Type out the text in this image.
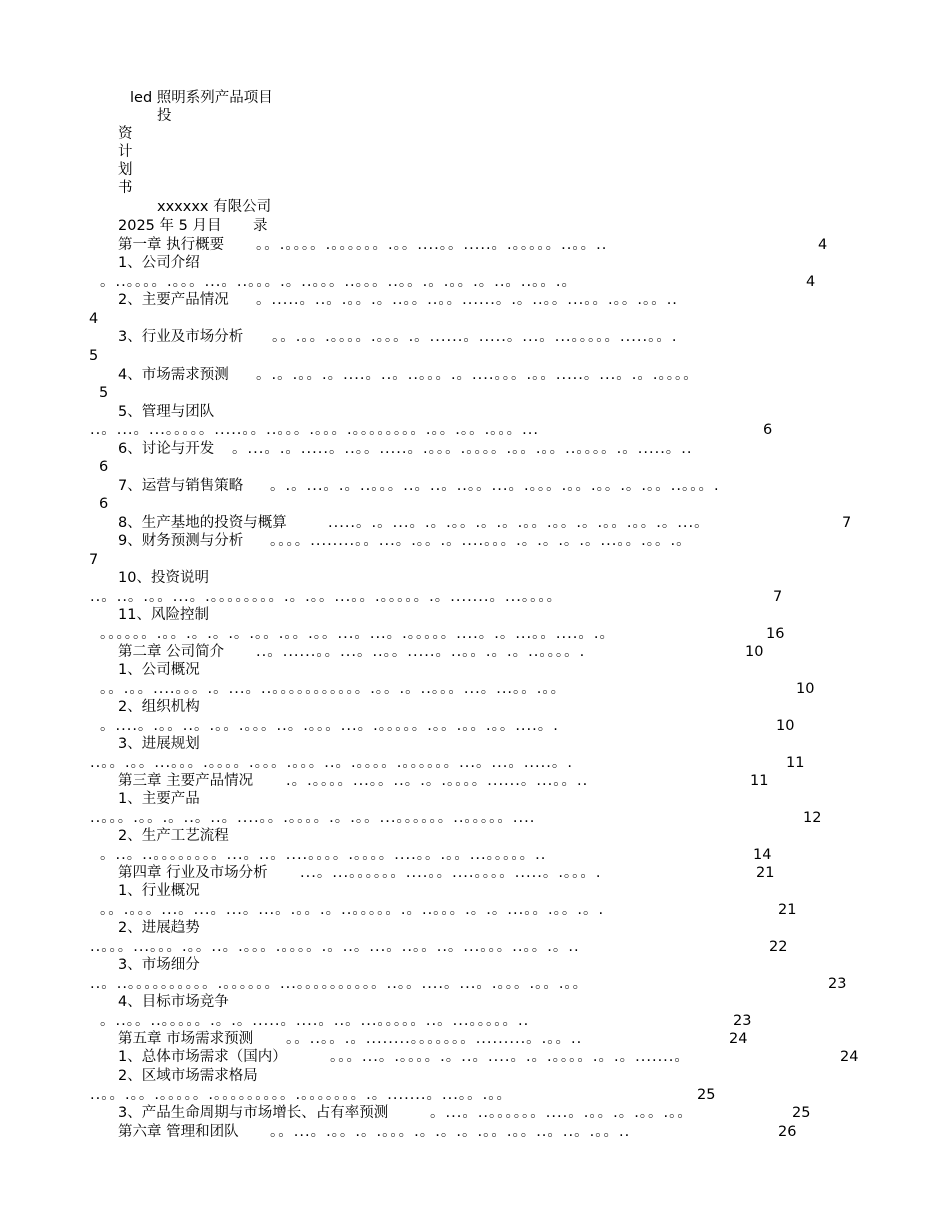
led 照明系列产品项目
投
资
计
划
书
xxxxxx 有限公司
2025 年 5 月目 录
第一章 执行概要 。。.。。。。.。。。。。。.。。....。。.....。.。。。。。..。。..	4
1、公司介绍
。..。。。。.。。。...。..。。。.。..。。。..。。。..。。.。.。。.。..。..。。.。	4
2、主要产品情况 。.....。..。.。。.。..。。..。。......。.。..。。...。。.。。.。。..
4
3、行业及市场分析 。。.。。.。。。。.。。。.。......。.....。...。...。。。。。.....。。.
5
4、市场需求预测 。.。.。。.。....。..。..。。。.。....。。。.。。.....。...。.。.。。。。
5
5、管理与团队
..。...。...。。。。。.....。。..。。。.。。。.。。。。。。。。.。。.。。.。。。...	6
6、讨论与开发 。...。.。.....。..。。.....。.。。。.。。。。.。。.。。..。。。。.。.....。..
6
7、运营与销售策略 。.。...。.。..。。。..。..。..。。...。.。。。.。。.。。.。.。。..。。。.
6
8、生产基地的投资与概算	.....。.。...。.。.。。.。.。.。。.。。.。.。。.。。.。...。	7
9、财务预测与分析 。。。。........。。...。.。。.。....。。。.。.。.。.。...。。.。。.。
7
10、投资说明
..。..。.。。...。.。。。。。。。。.。.。。...。。.。。。。。.。.......。...。。。。	7
11、风险控制
。。。。。。.。。.。.。.。.。。.。。.。。...。...。.。。。。。....。.。...。。....。.。	16
第二章 公司简介 ..。......。。...。..。。.....。..。。.。.。..。。。。.	10
1、公司概况
。。.。。....。。。.。...。..。。。。。。。。。。。.。。.。..。。。...。...。。.。。	10
2、组织机构
。....。.。。..。.。。.。。。..。.。。。...。.。。。。。.。。.。。.。。....。.	10
3、进展规划
..。。.。。...。。。.。。。。.。。。.。。。..。.。。。。.。。。。。。...。...。.....。.	11
第三章 主要产品情况 .。.。。。。...。。..。.。.。。。。......。...。。..	11
1、主要产品
..。。。.。。.。..。..。....。。.。。。。.。.。。...。。。。。。..。。。。。....	12
2、生产工艺流程
。..。..。。。。。。。。...。..。....。。。。.。。。。....。。.。。...。。。。。..	14
第四章 行业及市场分析 ...。...。。。。。。....。。....。。。。.....。.。。。.	21
1、行业概况
。。.。。。...。...。...。...。.。。.。..。。。。。.。..。。。.。.。...。。.。。.。.	21
2、进展趋势
..。。。...。。。.。。..。.。。。.。。。。.。..。...。..。。..。...。。。..。。.。..	22
3、市场细分
..。..。。。。。。。。。。.。。。。。。...。。。。。。。。。。..。。....。...。.。。。.。。.。。	23
4、目标市场竞争
。..。。..。。。。。.。.。.....。....。..。...。。。。。..。...。。。。。..	23
第五章 市场需求预测 。。..。。.。........。。。。。。。.........。.。。..	24
1、总体市场需求（国内）	。。。...。.。。。。.。..。....。.。.。。。。.。.。.......。	24
2、区域市场需求格局
..。。.。。.。。。。。.。。。。。。。。。.。。。。。。。.。.......。...。。.。。	25
3、产品生命周期与市场增长、占有率预测	。...。..。。。。。。....。.。。.。.。。.。。	25
第六章 管理和团队 。。...。.。。.。.。。。.。.。.。.。。.。。..。..。.。。..	26
